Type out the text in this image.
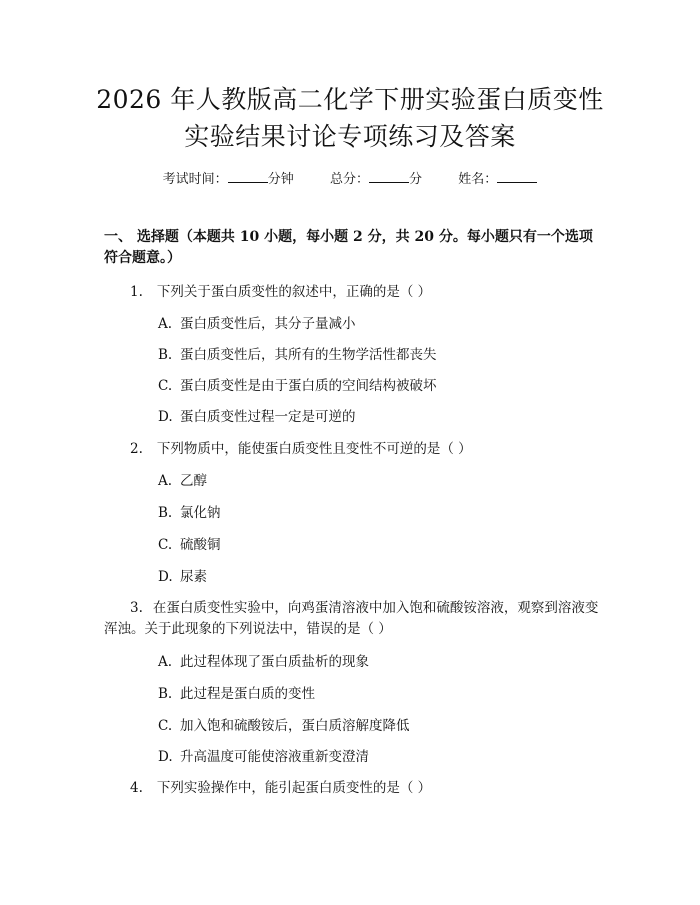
2026 年人教版高二化学下册实验蛋白质变性
实验结果讨论专项练习及答案
考试时间：	分钟	总分：	分	姓名：
一、 选择题（本题共 10 小题，每小题 2 分，共 20 分。每小题只有一个选项符合题意。）
1. 下列关于蛋白质变性的叙述中，正确的是（ ）
A. 蛋白质变性后，其分子量减小
B. 蛋白质变性后，其所有的生物学活性都丧失
C. 蛋白质变性是由于蛋白质的空间结构被破坏
D. 蛋白质变性过程一定是可逆的
2. 下列物质中，能使蛋白质变性且变性不可逆的是（ ）
A. 乙醇
B. 氯化钠
C. 硫酸铜
D. 尿素
3. 在蛋白质变性实验中，向鸡蛋清溶液中加入饱和硫酸铵溶液，观察到溶液变浑浊。关于此现象的下列说法中，错误的是（ ）
A. 此过程体现了蛋白质盐析的现象
B. 此过程是蛋白质的变性
C. 加入饱和硫酸铵后，蛋白质溶解度降低
D. 升高温度可能使溶液重新变澄清
4. 下列实验操作中，能引起蛋白质变性的是（ ）
